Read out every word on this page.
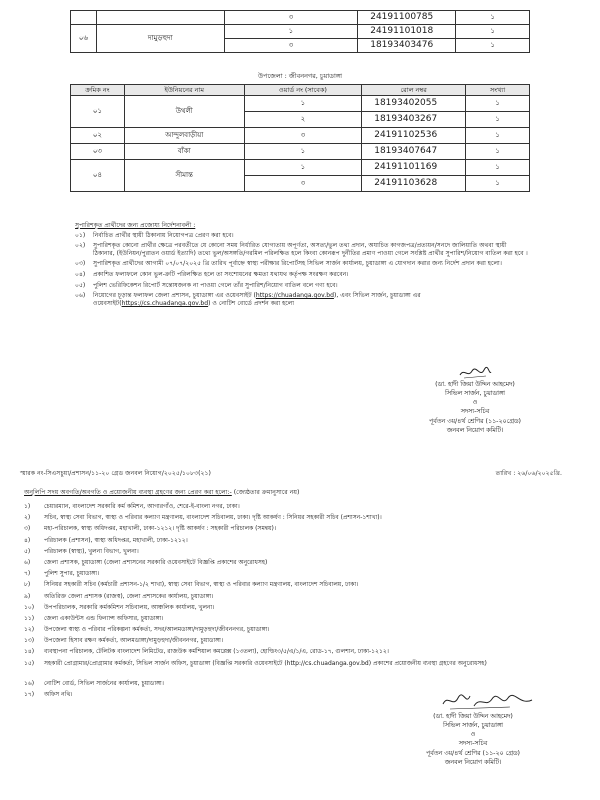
		৩	24191100785	১
০৬	দামুড়হুদা	১	24191101018	১
		৩	18193403476	১
উপজেলা : জীবননগর, চুয়াডাঙ্গা
ক্রমিক নং	ইউনিয়নের নাম	ওয়ার্ড নং (সাবেক)	রোল নম্বর	সংখ্যা
০১	উথলী	১	18193402055	১
		২	18193403267	১
০২	আন্দুলবাড়ীয়া	৩	24191102536	১
০৩	বাঁকা	১	18193407647	১
০৪	সীমান্ত	১	24191101169	১
		৩	24191103628	১
সুপারিশকৃত প্রার্থীদের জন্য প্রজোয্য নির্দেশনাবলী :
০১)	নির্বাচিত প্রার্থীর স্থায়ী ঠিকানায় নিয়োগপত্র প্রেরণ করা হবে।
০২)	সুপারিশকৃত কোনো প্রার্থীর ক্ষেত্রে পরবর্তীতে যে কোনো সময় নির্ধারিত যোগ্যতায় অপূর্ণতা, অসত্য/ভুল তথ্য প্রদান, অযাচিত কাগজপত্র/প্রত্যয়ন/সনদে জালিয়াতি অথবা স্থায়ী ঠিকানার, (ইউনিয়ন/পুরাতন ওয়ার্ড ইত্যাদি) তথ্যে ভুল/অসঙ্গতি/গরমিল পরিলক্ষিত হলে কিংবা কোনরূপ দুর্নীতির প্রমাণ পাওয়া গেলে সংশ্লিষ্ট প্রার্থীর সুপারিশ/নিয়োগ বাতিল করা হবে ।
০৩)	সুপারিশকৃত প্রার্থীদের আগামী ০৭/০৭/২০২৫ খ্রি তারিখ পূর্বাহ্নে স্বাস্থ্য পরীক্ষার রিপোর্টসহ সিভিল সার্জন কার্যালয়, চুয়াডাঙ্গা এ যোগদান করার জন্য নির্দেশ প্রদান করা হলো।
০৪)	প্রকাশিত ফলাফলে কোন ভুল-ক্রটি পরিলক্ষিত হলে তা সংশোধনের ক্ষমতা যথাযথ কর্তৃপক্ষ সংরক্ষণ করবেন।
০৫)	পুলিশ ভেরিফিকেশন রিপোর্ট সন্তোষজনক না পাওয়া গেলে তাঁর সুপারিশ/নিয়োগ বাতিল বলে গণ্য হবে।
০৬)	নিয়োগের চূড়ান্ত ফলাফল জেলা প্রশাসন, চুয়াডাঙ্গা এর ওয়েবসাইট (https://chuadanga.gov.bd), এবং সিভিল সার্জন, চুয়াডাঙ্গা এর ওয়েবসাইট(https://cs.chuadanga.gov.bd) ও নোটিশ বোর্ডে প্রদর্শন করা হলো
(ডা. হাদী জিয়া উদ্দিন আহমেদ)
সিভিল সার্জন, চুয়াডাঙ্গা
ও
সদস্য-সচিব
পূর্বতন ৩য়/৪র্থ শ্রেণির (১১-২০গ্রেড)
জনবল নিয়োগ কমিটি।
স্মারক নং-সিএসচুয়া/প্রশাসন/১১-২০ গ্রেড জনবল নিয়োগ/২০২৫/১০৮৩(২১)	তারিখ : ২৬/০৬/২০২৫খ্রি.
অনুলিপি সদয় অবগতি/অবগতি ও প্রয়োজনীয় ব্যবস্থা গ্রহণের জন্য প্রেরণ করা হলো:- (জ্যেষ্ঠতার ক্রমানুসারে নয়)
১)	চেয়ারম্যান, বাংলাদেশ সরকারি কর্ম কমিশন, আগারগাঁও, শেরে-ই-বাংলা নগর, ঢাকা।
২)	সচিব, স্বাস্থ্য সেবা বিভাগ, স্বাস্থ্য ও পরিবার কল্যাণ মন্ত্রণালয়, বাংলাদেশ সচিবালয়, ঢাকা। দৃষ্টি আকর্ষণ : সিনিয়র সহকারী সচিব (প্রশাসন-১শাখা)।
৩)	মহা-পরিচালক, স্বাস্থ্য অধিদপ্তর, মহাখালী, ঢাকা-১২১২। দৃষ্টি আকর্ষণ : সহকারী পরিচালক (সমন্বয়)।
৪)	পরিচালক (প্রশাসন), স্বাস্থ্য অধিদপ্তর, মহাখালী, ঢাকা-১২১২।
৫)	পরিচালক (স্বাস্থ্য), খুলনা বিভাগ, খুলনা।
৬)	জেলা প্রশাসক, চুয়াডাঙ্গা (জেলা প্রশাসনের সরকারি ওয়েবসাইটে বিজ্ঞপ্তি প্রকাশের অনুরোধসহ)
৭)	পুলিশ সুপার, চুয়াডাঙ্গা।
৮)	সিনিয়র সহকারী সচিব (কর্মচারী প্রশাসন-১/২ শাখা), স্বাস্থ্য সেবা বিভাগ, স্বাস্থ্য ও পরিবার কল্যাণ মন্ত্রণালয়, বাংলাদেশ সচিবালয়, ঢাকা।
৯)	অতিরিক্ত জেলা প্রশাসক (রাজস্ব), জেলা প্রশাসকের কার্যালয়, চুয়াডাঙ্গা।
১০)	উপপরিচালক, সরকারি কর্মকমিশন সচিবালয়, আঞ্চলিক কার্যালয়, খুলনা।
১১)	জেলা একাউন্টস এন্ড ফিন্যান্স অফিসার, চুয়াডাঙ্গা।
১২)	উপজেলা স্বাস্থ্য ও পরিবার পরিকল্পনা কর্মকর্তা, সদর/আলমডাঙ্গা/দামুড়হুদা/জীবননগর, চুয়াডাঙ্গা।
১৩)	উপজেলা হিসাব রক্ষণ কর্মকর্তা, আলমডাঙ্গা/দামুড়হুদা/জীবননগর, চুয়াডাঙ্গা।
১৪)	ব্যবস্থাপনা পরিচালক, টেলিটক বাংলাদেশ লিমিটেড, রাজউক কর্মশিয়াল কমপ্লেক্স (১৩তলা), হোল্ডিং৩/৫/এ/১/এ, রোড-১৭, গুলশান, ঢাকা-১২১২।
১৫)	সহকারী প্রোগ্রামার/প্রোগ্রামার কর্মকর্তা, সিভিল সার্জন অফিস, চুয়াডাঙ্গা (বিজ্ঞপ্তি সরকারি ওয়েবসাইটে (http://cs.chuadanga.gov.bd) প্রকাশের প্রয়োজনীয় ব্যবস্থা গ্রহণের অনুরোধসহ)
১৬)	নোটিশ বোর্ড, সিভিল সার্জনের কার্যালয়, চুয়াডাঙ্গা।
১৭)	অফিস নথি।
(ডা. হাদী জিয়া উদ্দিন আহমেদ)
সিভিল সার্জন, চুয়াডাঙ্গা
ও
সদস্য-সচিব
পূর্বতন ৩য়/৪র্থ শ্রেণির (১১-২০ গ্রেড)
জনবল নিয়োগ কমিটি।
